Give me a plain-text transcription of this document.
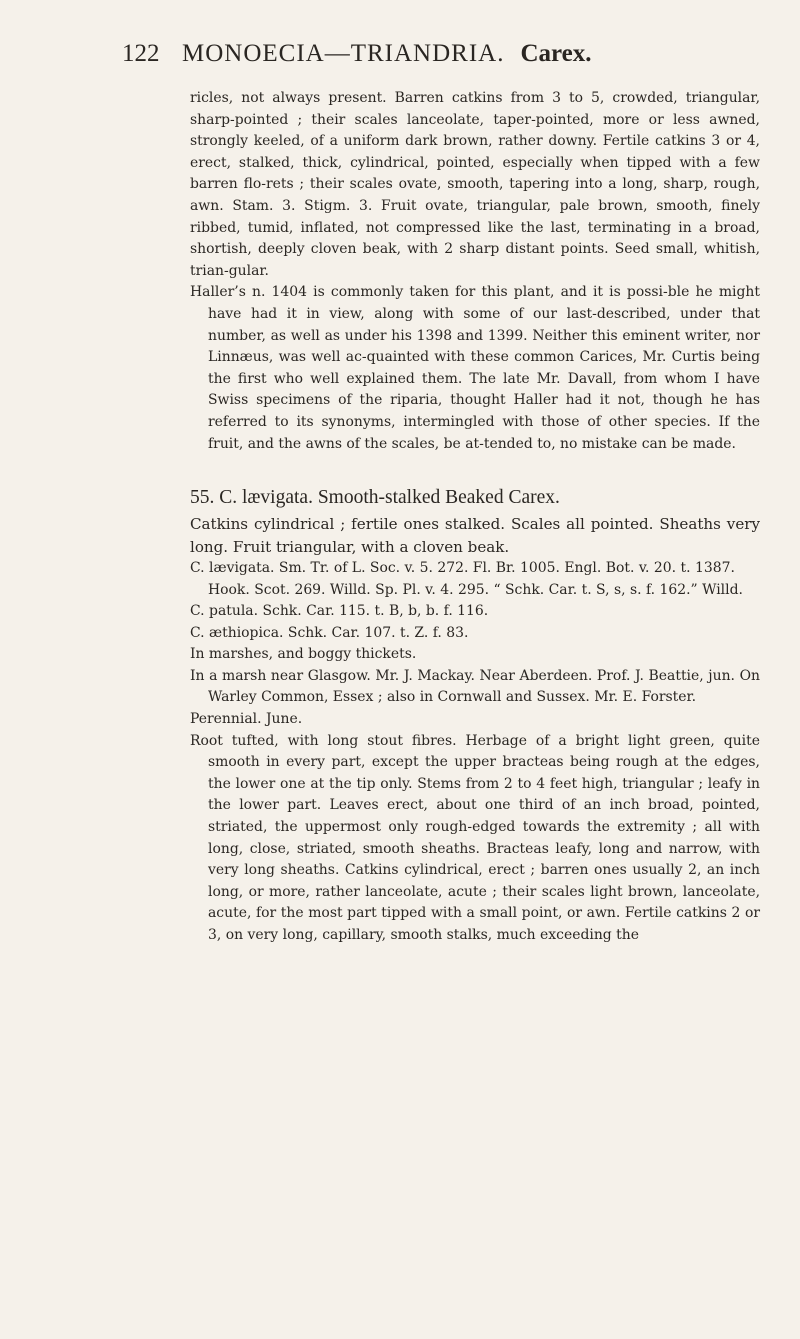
122 MONOECIA—TRIANDRIA. Carex.

ricles, not always present. Barren catkins from 3 to 5, crowded, triangular, sharp-pointed ; their scales lanceolate, taper-pointed, more or less awned, strongly keeled, of a uniform dark brown, rather downy. Fertile catkins 3 or 4, erect, stalked, thick, cylindrical, pointed, especially when tipped with a few barren flo-rets ; their scales ovate, smooth, tapering into a long, sharp, rough, awn. Stam. 3. Stigm. 3. Fruit ovate, triangular, pale brown, smooth, finely ribbed, tumid, inflated, not compressed like the last, terminating in a broad, shortish, deeply cloven beak, with 2 sharp distant points. Seed small, whitish, trian-gular.

Haller’s n. 1404 is commonly taken for this plant, and it is possi-ble he might have had it in view, along with some of our last-described, under that number, as well as under his 1398 and 1399. Neither this eminent writer, nor Linnæus, was well ac-quainted with these common Carices, Mr. Curtis being the first who well explained them. The late Mr. Davall, from whom I have Swiss specimens of the riparia, thought Haller had it not, though he has referred to its synonyms, intermingled with those of other species. If the fruit, and the awns of the scales, be at-tended to, no mistake can be made.

55. C. lævigata. Smooth-stalked Beaked Carex.

Catkins cylindrical ; fertile ones stalked. Scales all pointed. Sheaths very long. Fruit triangular, with a cloven beak.

C. lævigata. Sm. Tr. of L. Soc. v. 5. 272. Fl. Br. 1005. Engl. Bot. v. 20. t. 1387. Hook. Scot. 269. Willd. Sp. Pl. v. 4. 295. “ Schk. Car. t. S, s, s. f. 162.” Willd.

C. patula. Schk. Car. 115. t. B, b, b. f. 116.

C. æthiopica. Schk. Car. 107. t. Z. f. 83.

In marshes, and boggy thickets.

In a marsh near Glasgow. Mr. J. Mackay. Near Aberdeen. Prof. J. Beattie, jun. On Warley Common, Essex ; also in Cornwall and Sussex. Mr. E. Forster.

Perennial. June.

Root tufted, with long stout fibres. Herbage of a bright light green, quite smooth in every part, except the upper bracteas being rough at the edges, the lower one at the tip only. Stems from 2 to 4 feet high, triangular ; leafy in the lower part. Leaves erect, about one third of an inch broad, pointed, striated, the uppermost only rough-edged towards the extremity ; all with long, close, striated, smooth sheaths. Bracteas leafy, long and narrow, with very long sheaths. Catkins cylindrical, erect ; barren ones usually 2, an inch long, or more, rather lanceolate, acute ; their scales light brown, lanceolate, acute, for the most part tipped with a small point, or awn. Fertile catkins 2 or 3, on very long, capillary, smooth stalks, much exceeding the
